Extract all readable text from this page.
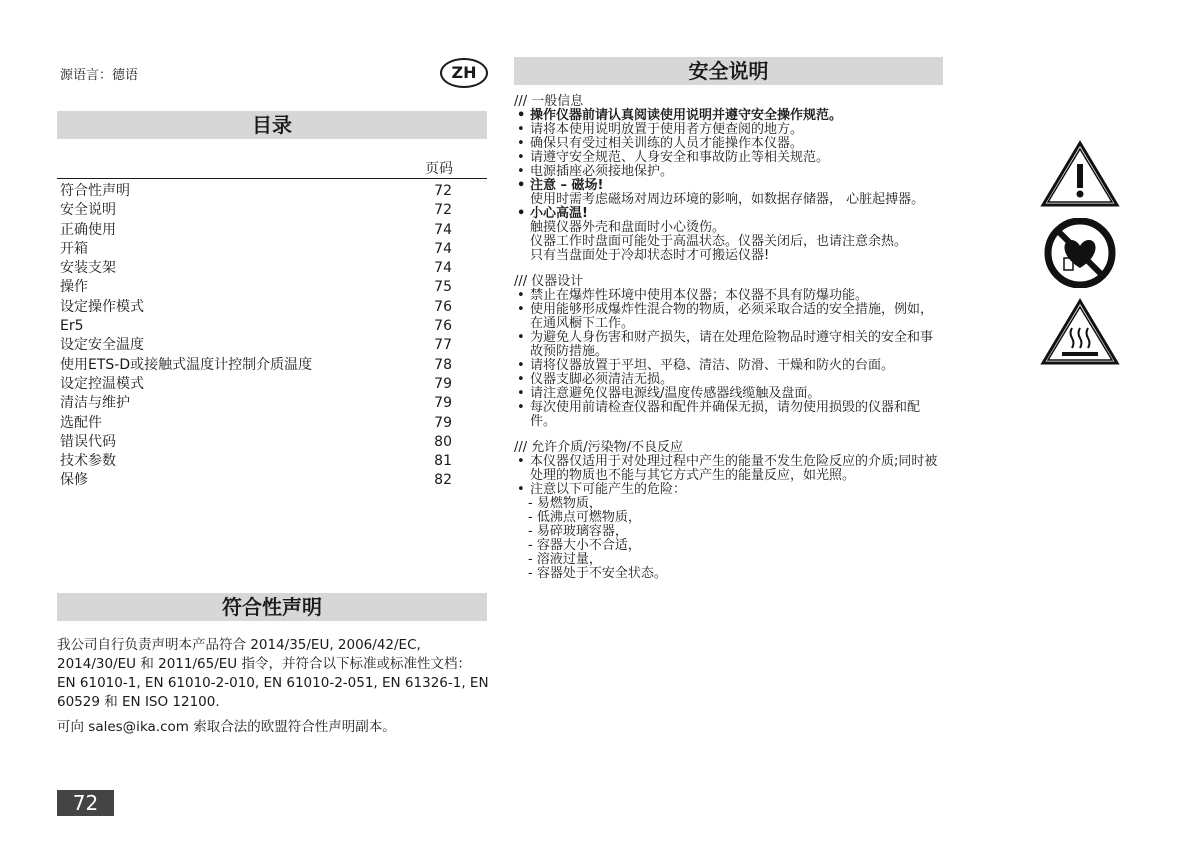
源语言：德语	ZH
目录
页码
符合性声明	72
安全说明	72
正确使用	74
开箱	74
安装支架	74
操作	75
设定操作模式	76
Er5	76
设定安全温度	77
使用ETS-D或接触式温度计控制介质温度	78
设定控温模式	79
清洁与维护	79
选配件	79
错误代码	80
技术参数	81
保修	82
符合性声明

我公司自行负责声明本产品符合 2014/35/EU, 2006/42/EC, 2014/30/EU 和 2011/65/EU 指令，并符合以下标准或标准性文档：EN 61010-1, EN 61010-2-010, EN 61010-2-051, EN 61326-1, EN 60529 和 EN ISO 12100.

可向 sales@ika.com 索取合法的欧盟符合性声明副本。

72
安全说明

/// 一般信息

• 操作仪器前请认真阅读使用说明并遵守安全操作规范。
• 请将本使用说明放置于使用者方便查阅的地方。
• 确保只有受过相关训练的人员才能操作本仪器。
• 请遵守安全规范、人身安全和事故防止等相关规范。
• 电源插座必须接地保护。
• 注意 – 磁场!
使用时需考虑磁场对周边环境的影响，如数据存储器， 心脏起搏器。
• 小心高温!
触摸仪器外壳和盘面时小心烫伤。
仪器工作时盘面可能处于高温状态。仪器关闭后，也请注意余热。
只有当盘面处于冷却状态时才可搬运仪器!

/// 仪器设计

• 禁止在爆炸性环境中使用本仪器；本仪器不具有防爆功能。
• 使用能够形成爆炸性混合物的物质，必须采取合适的安全措施，例如，在通风橱下工作。
• 为避免人身伤害和财产损失，请在处理危险物品时遵守相关的安全和事故预防措施。
• 请将仪器放置于平坦、平稳、清洁、防滑、干燥和防火的台面。
• 仪器支脚必须清洁无损。
• 请注意避免仪器电源线/温度传感器线缆触及盘面。
• 每次使用前请检查仪器和配件并确保无损，请勿使用损毁的仪器和配件。

/// 允许介质/污染物/不良反应

• 本仪器仅适用于对处理过程中产生的能量不发生危险反应的介质;同时被处理的物质也不能与其它方式产生的能量反应，如光照。
• 注意以下可能产生的危险：
- 易燃物质，
- 低沸点可燃物质，
- 易碎玻璃容器，
- 容器大小不合适，
- 溶液过量，
- 容器处于不安全状态。
